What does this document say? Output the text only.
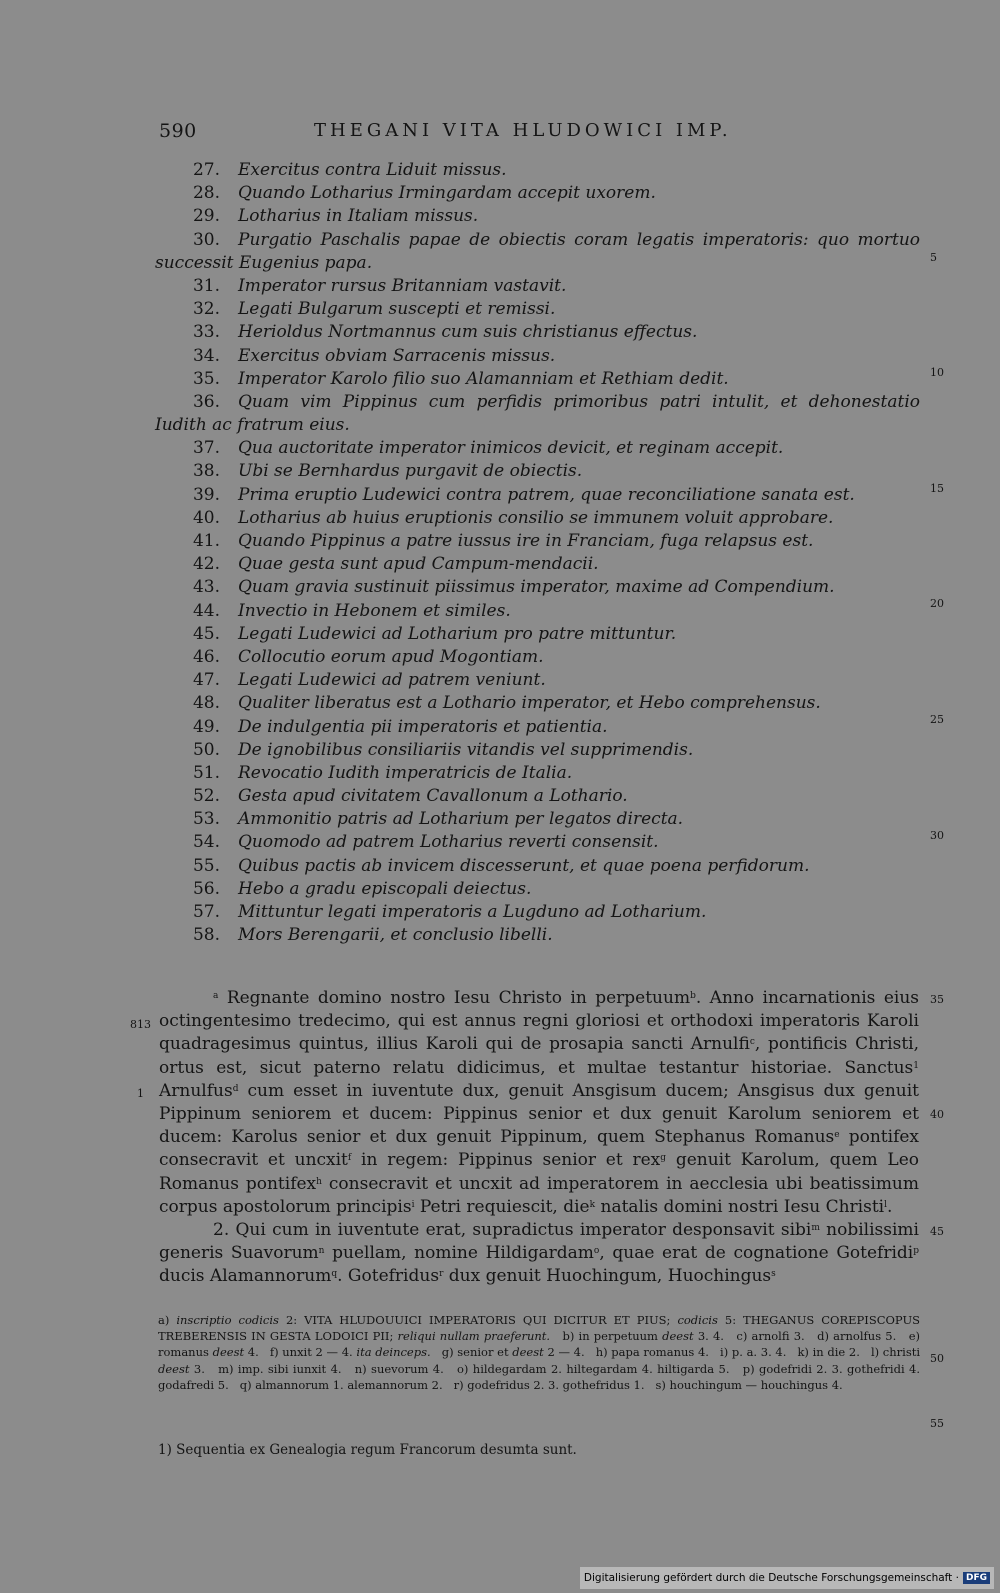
590	THEGANI VITA HLUDOWICI IMP.
27. Exercitus contra Liduit missus.
28. Quando Lotharius Irmingardam accepit uxorem.
29. Lotharius in Italiam missus.
30.	Purgatio Paschalis papae de obiectis coram legatis imperatoris: quo mortuo successit Eugenius papa.
31. Imperator rursus Britanniam vastavit.
32. Legati Bulgarum suscepti et remissi.
33. Herioldus Nortmannus cum suis christianus effectus.
34. Exercitus obviam Sarracenis missus.
35. Imperator Karolo filio suo Alamanniam et Rethiam dedit.
36.	Quam vim Pippinus cum perfidis primoribus patri intulit, et dehonestatio Iudith ac fratrum eius.
37. Qua auctoritate imperator inimicos devicit, et reginam accepit.
38. Ubi se Bernhardus purgavit de obiectis.
39. Prima eruptio Ludewici contra patrem, quae reconciliatione sanata est.
40. Lotharius ab huius eruptionis consilio se immunem voluit approbare.
41. Quando Pippinus a patre iussus ire in Franciam, fuga relapsus est.
42. Quae gesta sunt apud Campum-mendacii.
43. Quam gravia sustinuit piissimus imperator, maxime ad Compendium.
44. Invectio in Hebonem et similes.
45. Legati Ludewici ad Lotharium pro patre mittuntur.
46. Collocutio eorum apud Mogontiam.
47. Legati Ludewici ad patrem veniunt.
48. Qualiter liberatus est a Lothario imperator, et Hebo comprehensus.
49. De indulgentia pii imperatoris et patientia.
50. De ignobilibus consiliariis vitandis vel supprimendis.
51. Revocatio Iudith imperatricis de Italia.
52. Gesta apud civitatem Cavallonum a Lothario.
53. Ammonitio patris ad Lotharium per legatos directa.
54. Quomodo ad patrem Lotharius reverti consensit.
55. Quibus pactis ab invicem discesserunt, et quae poena perfidorum.
56. Hebo a gradu episcopali deiectus.
57. Mittuntur legati imperatoris a Lugduno ad Lotharium.
58. Mors Berengarii, et conclusio libelli.
5
10
15
20
25
30
35
40
45
50
55
813
1

$^a$ Regnante domino nostro Iesu Christo in perpetuum$^b$. Anno incarnationis eius octingentesimo tredecimo, qui est annus regni gloriosi et orthodoxi imperatoris Karoli quadragesimus quintus, illius Karoli qui de prosapia sancti Arnulfi$^c$, pontificis Christi, ortus est, sicut paterno relatu didicimus, et multae testantur historiae. Sanctus$^1$ Arnulfus$^d$ cum esset in iuventute dux, genuit Ansgisum ducem; Ansgisus dux genuit Pippinum seniorem et ducem: Pippinus senior et dux genuit Karolum seniorem et ducem: Karolus senior et dux genuit Pippinum, quem Stephanus Romanus$^e$ pontifex consecravit et uncxit$^f$ in regem: Pippinus senior et rex$^g$ genuit Karolum, quem Leo Romanus pontifex$^h$ consecravit et uncxit ad imperatorem in aecclesia ubi beatissimum corpus apostolorum principis$^i$ Petri requiescit, die$^k$ natalis domini nostri Iesu Christi$^l$.

2. Qui cum in iuventute erat, supradictus imperator desponsavit sibi$^m$ nobilissimi generis Suavorum$^n$ puellam, nomine Hildigardam$^o$, quae erat de cognatione Gotefridi$^p$ ducis Alamannorum$^q$. Gotefridus$^r$ dux genuit Huochingum, Huochingus$^s$

a) inscriptio codicis 2: VITA HLUDOUUICI IMPERATORIS QUI DICITUR ET PIUS; codicis 5: THEGANUS COREPISCOPUS TREBERENSIS IN GESTA LODOICI PII; reliqui nullam praeferunt. b) in perpetuum deest 3. 4. c) arnolfi 3. d) arnolfus 5. e) romanus deest 4. f) unxit 2 — 4. ita deinceps. g) senior et deest 2 — 4. h) papa romanus 4. i) p. a. 3. 4. k) in die 2. l) christi deest 3. m) imp. sibi iunxit 4. n) suevorum 4. o) hildegardam 2. hiltegardam 4. hiltigarda 5. p) godefridi 2. 3. gothefridi 4. godafredi 5. q) almannorum 1. alemannorum 2. r) godefridus 2. 3. gothefridus 1. s) houchingum — houchingus 4.
1) Sequentia ex Genealogia regum Francorum desumta sunt.
Digitalisierung gefördert durch die Deutsche Forschungsgemeinschaft · DFG
